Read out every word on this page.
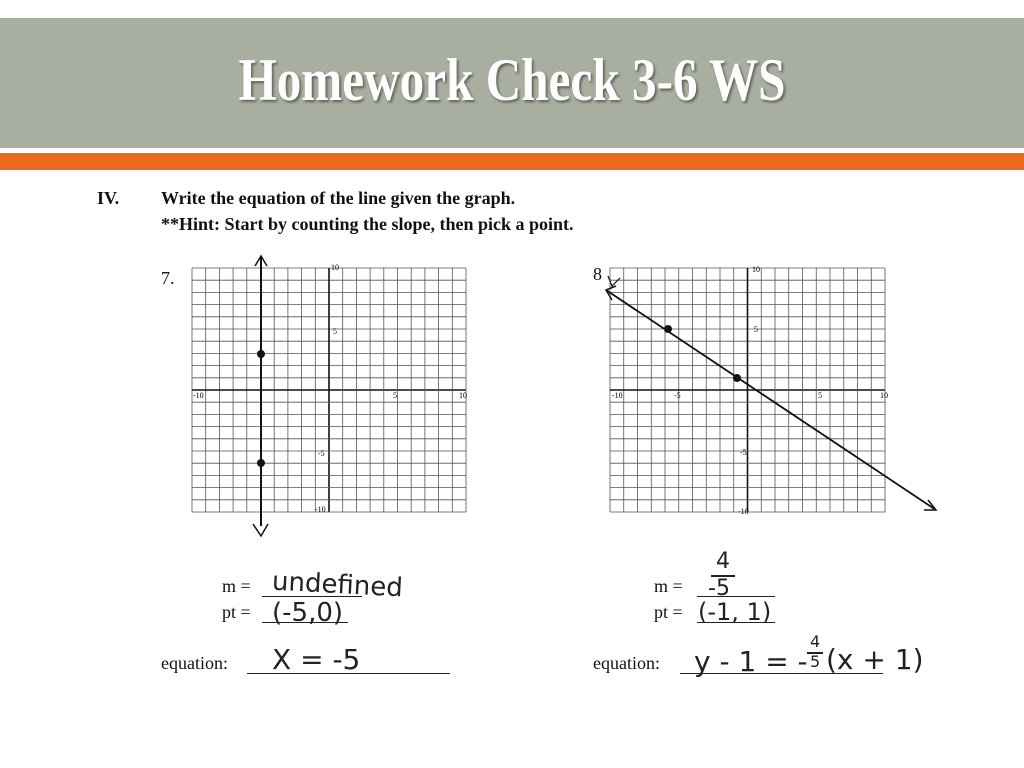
Homework Check 3-6 WS
IV. Write the equation of the line given the graph.
**Hint: Start by counting the slope, then pick a point.
7.
10
-10	5	10
-5
-10
5
m = undefined
pt = (-5,0)
equation: X = -5
8	10
-10	-5	5	10
-5
-10
5
m =
4
-5
pt = (-1, 1)
equation: y - 1 = -
4
5 (x + 1)
